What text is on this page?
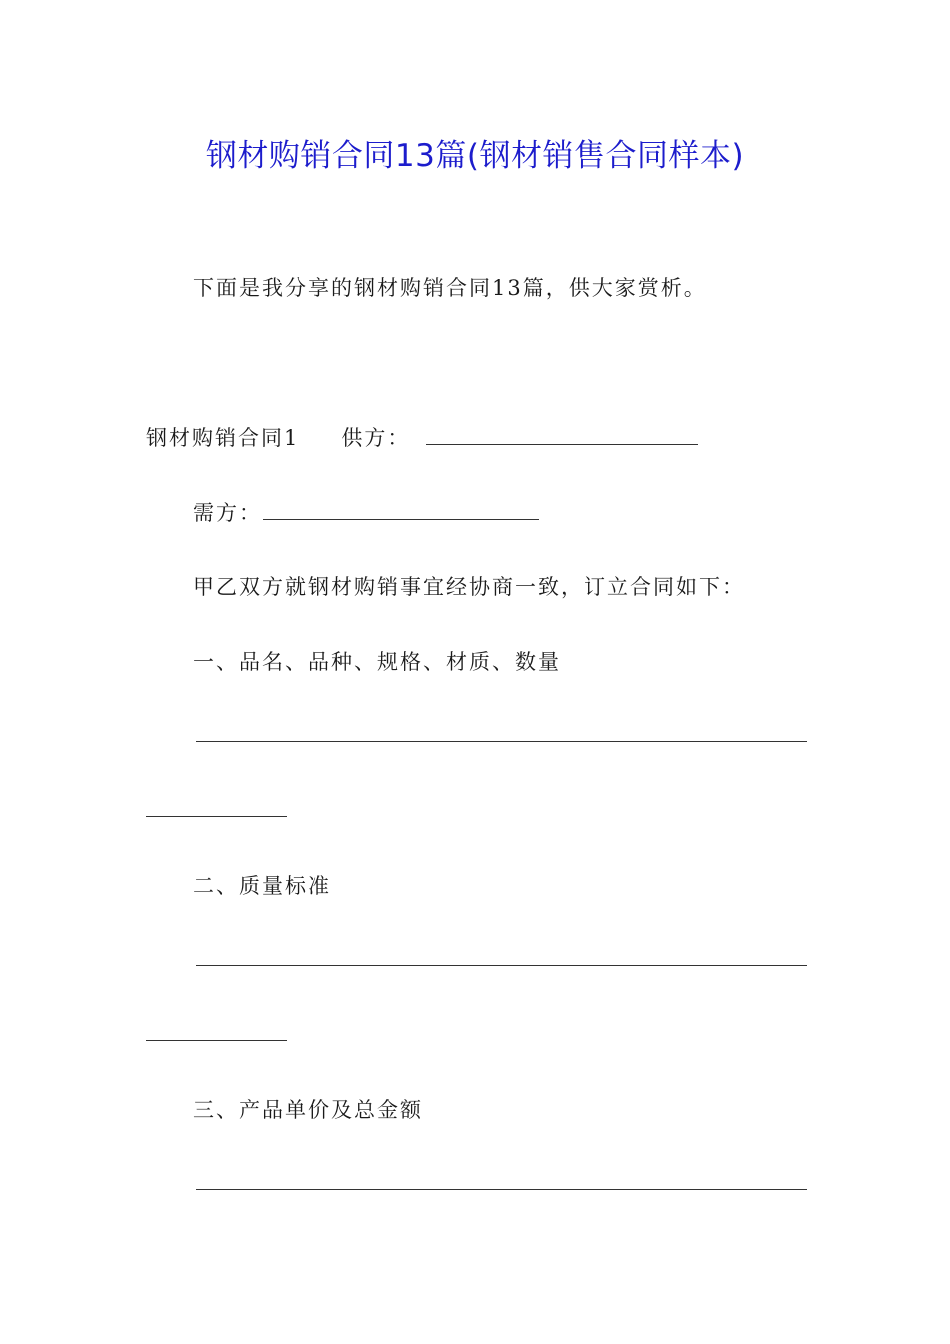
钢材购销合同13篇(钢材销售合同样本)
下面是我分享的钢材购销合同13篇，供大家赏析。
钢材购销合同1 供方：
需方：
甲乙双方就钢材购销事宜经协商一致，订立合同如下：
一、品名、品种、规格、材质、数量
二、质量标准
三、产品单价及总金额
